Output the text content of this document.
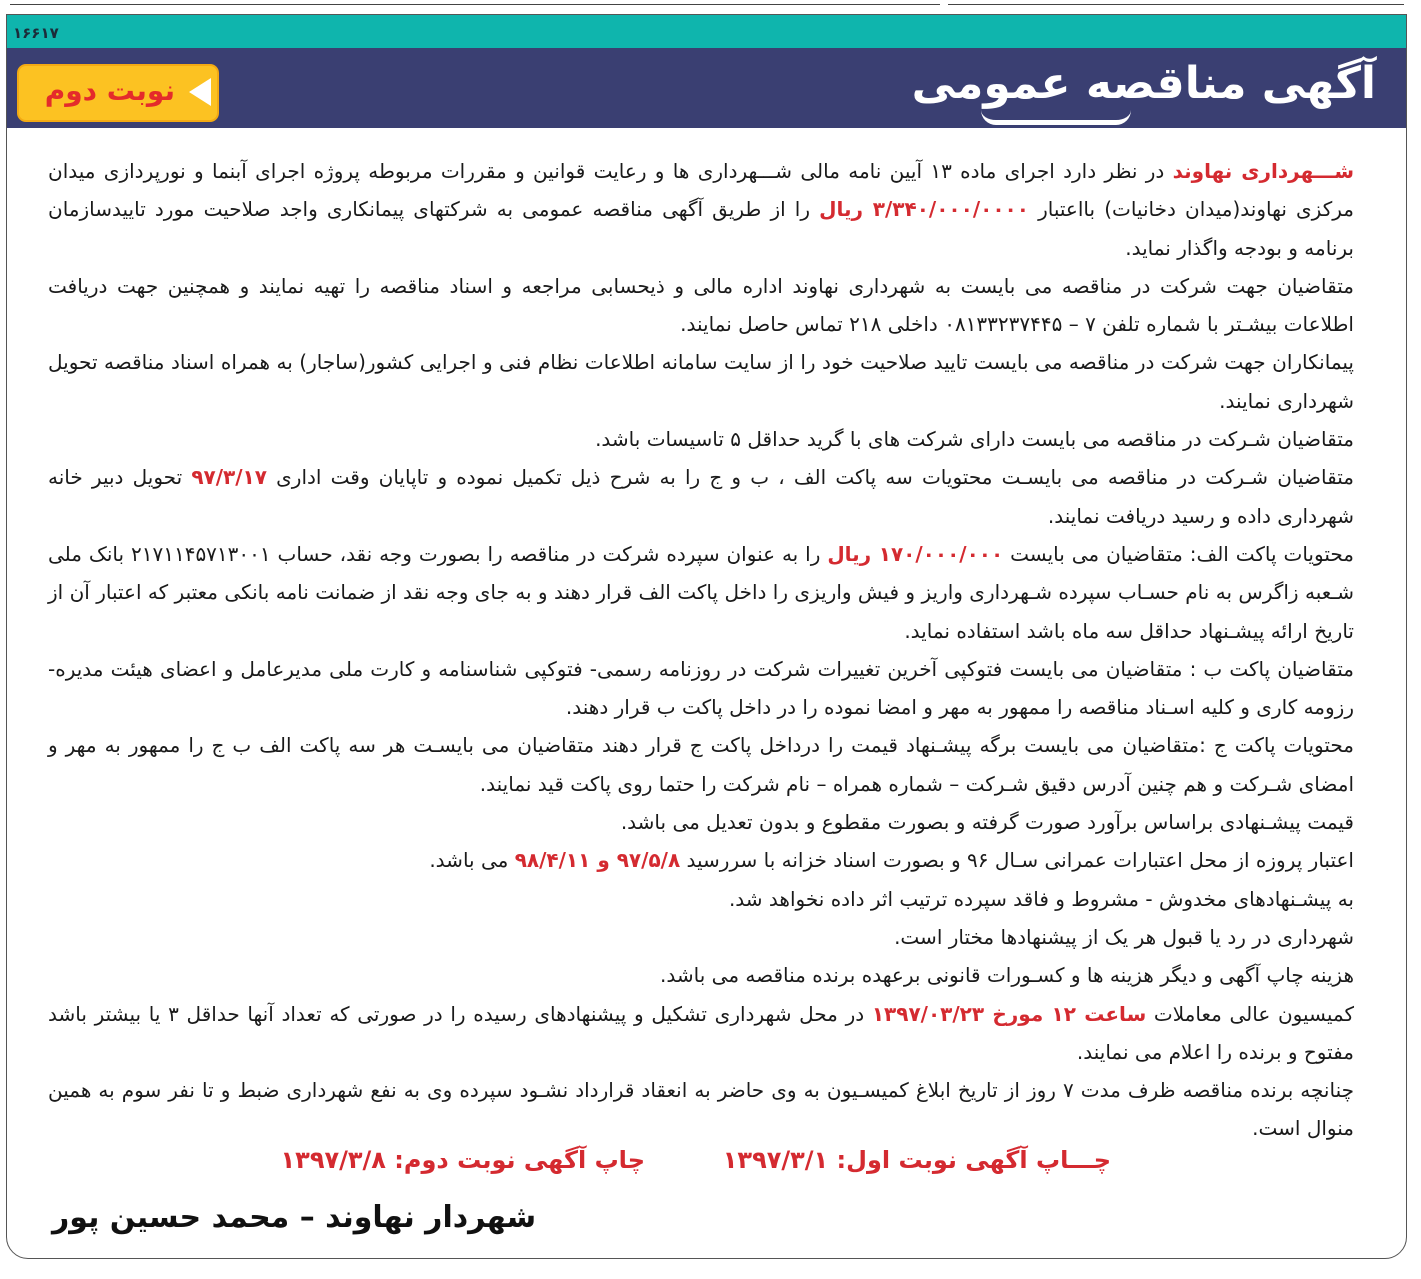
۱۶۶۱۷
نوبت دوم	آگهی مناقصه عمومی

شـــهرداری نهاوند در نظر دارد اجرای ماده ۱۳ آیین نامه مالی شـــهرداری ها و رعایت قوانین و مقررات مربوطه پروژه اجرای آبنما و نورپردازی میدان مرکزی نهاوند(میدان دخانیات) بااعتبار ۳/۳۴۰/۰۰۰/۰۰۰۰ ریال را از طریق آگهی مناقصه عمومی به شرکتهای پیمانکاری واجد صلاحیت مورد تاییدسازمان برنامه و بودجه واگذار نماید.

متقاضیان جهت شرکت در مناقصه می بایست به شهرداری نهاوند اداره مالی و ذیحسابی مراجعه و اسناد مناقصه را تهیه نمایند و همچنین جهت دریافت اطلاعات بیشـتر با شماره تلفن ۷ – ۰۸۱۳۳۲۳۷۴۴۵ داخلی ۲۱۸ تماس حاصل نمایند.

پیمانکاران جهت شرکت در مناقصه می بایست تایید صلاحیت خود را از سایت سامانه اطلاعات نظام فنی و اجرایی کشور(ساجار) به همراه اسناد مناقصه تحویل شهرداری نمایند.

متقاضیان شـرکت در مناقصه می بایست دارای شرکت های با گرید حداقل ۵ تاسیسات باشد.

متقاضیان شـرکت در مناقصه می بایسـت محتویات سه پاکت الف ، ب و ج را به شرح ذیل تکمیل نموده و تاپایان وقت اداری ۹۷/۳/۱۷ تحویل دبیر خانه شهرداری داده و رسید دریافت نمایند.

محتویات پاکت الف: متقاضیان می بایست ۱۷۰/۰۰۰/۰۰۰ ریال را به عنوان سپرده شرکت در مناقصه را بصورت وجه نقد، حساب ۲۱۷۱۱۴۵۷۱۳۰۰۱ بانک ملی شـعبه زاگرس به نام حسـاب سپرده شـهرداری واریز و فیش واریزی را داخل پاکت الف قرار دهند و به جای وجه نقد از ضمانت نامه بانکی معتبر که اعتبار آن از تاریخ ارائه پیشـنهاد حداقل سه ماه باشد استفاده نماید.

متقاضیان پاکت ب : متقاضیان می بایست فتوکپی آخرین تغییرات شرکت در روزنامه رسمی- فتوکپی شناسنامه و کارت ملی مدیرعامل و اعضای هیئت مدیره- رزومه کاری و کلیه اسـناد مناقصه را ممهور به مهر و امضا نموده را در داخل پاکت ب قرار دهند.

محتویات پاکت ج :متقاضیان می بایست برگه پیشـنهاد قیمت را درداخل پاکت ج قرار دهند متقاضیان می بایسـت هر سه پاکت الف ب ج را ممهور به مهر و امضای شـرکت و هم چنین آدرس دقیق شـرکت – شماره همراه – نام شرکت را حتما روی پاکت قید نمایند.

قیمت پیشـنهادی براساس برآورد صورت گرفته و بصورت مقطوع و بدون تعدیل می باشد.

اعتبار پروزه از محل اعتبارات عمرانی سـال ۹۶ و بصورت اسناد خزانه با سررسید ۹۷/۵/۸ و ۹۸/۴/۱۱ می باشد.

به پیشـنهادهای مخدوش - مشروط و فاقد سپرده ترتیب اثر داده نخواهد شد.

شهرداری در رد یا قبول هر یک از پیشنهادها مختار است.

هزینه چاپ آگهی و دیگر هزینه ها و کسـورات قانونی برعهده برنده مناقصه می باشد.

کمیسیون عالی معاملات ساعت ۱۲ مورخ ۱۳۹۷/۰۳/۲۳ در محل شهرداری تشکیل و پیشنهادهای رسیده را در صورتی که تعداد آنها حداقل ۳ یا بیشتر باشد مفتوح و برنده را اعلام می نمایند.

چنانچه برنده مناقصه ظرف مدت ۷ روز از تاریخ ابلاغ کمیسـیون به وی حاضر به انعقاد قرارداد نشـود سپرده وی به نفع شهرداری ضبط و تا نفر سوم به همین منوال است.

چـــاپ آگهی نوبت اول: ۱۳۹۷/۳/۱
چاپ آگهی نوبت دوم: ۱۳۹۷/۳/۸
شهردار نهاوند – محمد حسین پور
